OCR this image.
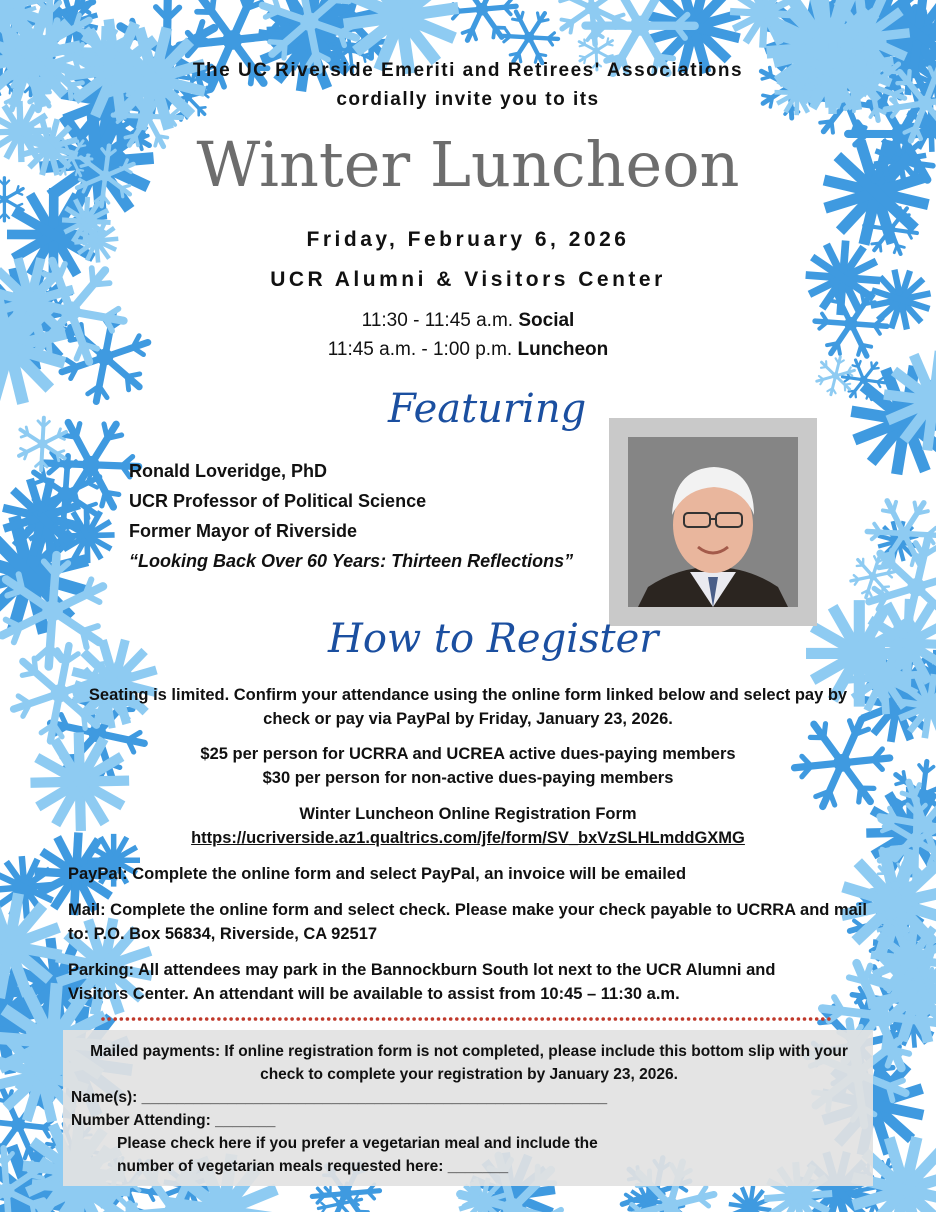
The UC Riverside Emeriti and Retirees' Associations
cordially invite you to its
Winter Luncheon
Friday, February 6, 2026
UCR Alumni & Visitors Center
11:30 - 11:45 a.m. Social
11:45 a.m. - 1:00 p.m. Luncheon
Featuring
Ronald Loveridge, PhD
UCR Professor of Political Science
Former Mayor of Riverside
“Looking Back Over 60 Years: Thirteen Reflections”
How to Register
Seating is limited. Confirm your attendance using the online form linked below and select pay by check or pay via PayPal by Friday, January 23, 2026.
$25 per person for UCRRA and UCREA active dues-paying members
$30 per person for non-active dues-paying members
Winter Luncheon Online Registration Form
https://ucriverside.az1.qualtrics.com/jfe/form/SV_bxVzSLHLmddGXMG
PayPal: Complete the online form and select PayPal, an invoice will be emailed
Mail: Complete the online form and select check. Please make your check payable to UCRRA and mail to: P.O. Box 56834, Riverside, CA 92517
Parking: All attendees may park in the Bannockburn South lot next to the UCR Alumni and Visitors Center. An attendant will be available to assist from 10:45 – 11:30 a.m.
Mailed payments: If online registration form is not completed, please include this bottom slip with your check to complete your registration by January 23, 2026.
Name(s): ______________________________________________________
Number Attending: _______
Please check here if you prefer a vegetarian meal and include the
number of vegetarian meals requested here: _______
